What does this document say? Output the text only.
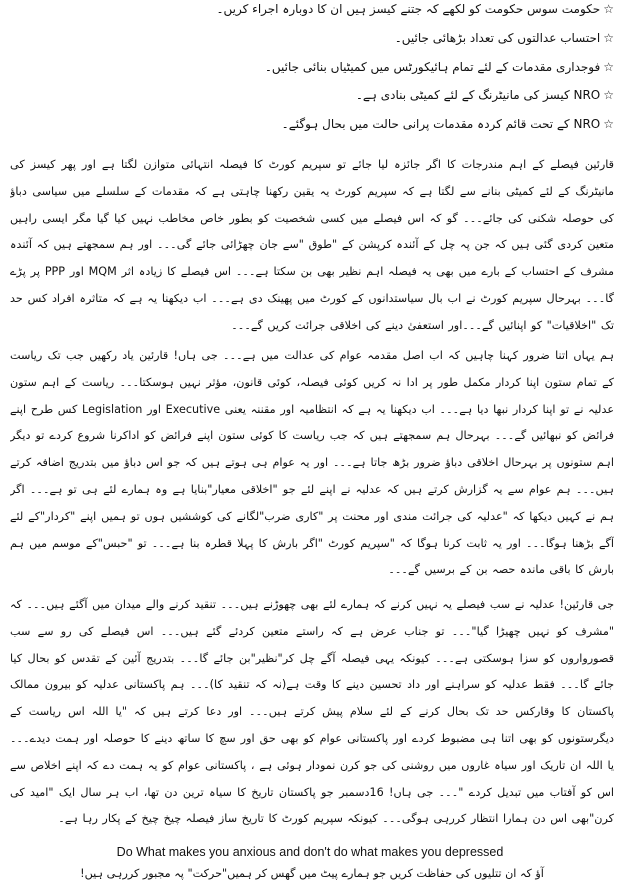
☆حکومت سوس حکومت کو لکھے کہ جتنے کیسز ہیں ان کا دوبارہ اجراء کریں۔
☆احتساب عدالتوں کی تعداد بڑھائی جائیں۔
☆فوجداری مقدمات کے لئے تمام ہائیکورٹس میں کمیٹیاں بنائی جائیں۔
☆NRO کیسز کی مانیٹرنگ کے لئے کمیٹی بنادی ہے۔
☆NRO کے تحت قائم کردہ مقدمات پرانی حالت میں بحال ہوگئے۔

قارئین فیصلے کے اہم مندرجات کا اگر جائزہ لیا جائے تو سپریم کورٹ کا فیصلہ انتہائی متوازن لگتا ہے اور پھر کیسز کی مانیٹرنگ کے لئے کمیٹی بنانے سے لگتا ہے کہ سپریم کورٹ یہ یقین رکھنا چاہتی ہے کہ مقدمات کے سلسلے میں سیاسی دباؤ کی حوصلہ شکنی کی جائے۔۔۔ گو کہ اس فیصلے میں کسی شخصیت کو بطور خاص مخاطب نہیں کیا گیا مگر ایسی راہیں متعین کردی گئی ہیں کہ جن پہ چل کے آئندہ کرپشن کے "طوق "سے جان چھڑائی جائے گی۔۔۔ اور ہم سمجھتے ہیں کہ آئندہ مشرف کے احتساب کے بارے میں بھی یہ فیصلہ اہم نظیر بھی بن سکتا ہے۔۔۔ اس فیصلے کا زیادہ اثر MQM اور PPP پر پڑے گا۔۔۔ بہرحال سپریم کورٹ نے اب بال سیاستدانوں کے کورٹ میں پھینک دی ہے۔۔۔ اب دیکھنا یہ ہے کہ متاثرہ افراد کس حد تک "اخلاقیات" کو اپنائیں گے۔۔۔اور استعفیٰ دینے کی اخلاقی جرائت کریں گے۔۔۔

ہم یہاں اتنا ضرور کہنا چاہیں کہ اب اصل مقدمہ عوام کی عدالت میں ہے۔۔۔ جی ہاں! قارئین یاد رکھیں جب تک ریاست کے تمام ستون اپنا کردار مکمل طور پر ادا نہ کریں کوئی فیصلہ، کوئی قانون، مؤثر نہیں ہوسکتا۔۔۔ ریاست کے اہم ستون عدلیہ نے تو اپنا کردار نبھا دیا ہے۔۔۔ اب دیکھنا یہ ہے کہ انتظامیہ اور مقننہ یعنی Executive اور Legislation کس طرح اپنے فرائض کو نبھائیں گے۔۔۔ بہرحال ہم سمجھتے ہیں کہ جب ریاست کا کوئی ستون اپنے فرائض کو اداکرنا شروع کردے تو دیگر اہم ستونوں پر بہرحال اخلاقی دباؤ ضرور بڑھ جاتا ہے۔۔۔ اور یہ عوام ہی ہوتے ہیں کہ جو اس دباؤ میں بتدریج اضافہ کرتے ہیں۔۔۔ ہم عوام سے یہ گزارش کرتے ہیں کہ عدلیہ نے اپنے لئے جو "اخلاقی معیار"بنایا ہے وہ ہمارے لئے ہی تو ہے۔۔۔ اگر ہم نے کہیں دیکھا کہ "عدلیہ کی جرائت مندی اور محنت پر "کاری ضرب"لگانے کی کوششیں ہوں تو ہمیں اپنے "کردار"کے لئے آگے بڑھنا ہوگا۔۔۔ اور یہ ثابت کرنا ہوگا کہ "سپریم کورٹ "اگر بارش کا پہلا قطرہ بنا ہے۔۔۔ تو "حبس"کے موسم میں ہم بارش کا باقی ماندہ حصہ بن کے برسیں گے۔۔۔

جی قارئین! عدلیہ نے سب فیصلے یہ نہیں کرنے کہ ہمارے لئے بھی چھوڑنے ہیں۔۔۔ تنقید کرنے والے میدان میں آگئے ہیں۔۔۔ کہ "مشرف کو نہیں چھیڑا گیا"۔۔۔ تو جناب عرض ہے کہ راستے متعین کردئے گئے ہیں۔۔۔ اس فیصلے کی رو سے سب قصورواروں کو سزا ہوسکتی ہے۔۔۔ کیونکہ یہی فیصلہ آگے چل کر"نظیر"بن جائے گا۔۔۔ بتدریج آئین کے تقدس کو بحال کیا جائے گا۔۔۔ فقط عدلیہ کو سراہنے اور داد تحسین دینے کا وقت ہے(نہ کہ تنقید کا)۔۔۔ ہم پاکستانی عدلیہ کو بیرون ممالک پاکستان کا وقارکس حد تک بحال کرنے کے لئے سلام پیش کرتے ہیں۔۔۔ اور دعا کرتے ہیں کہ "یا اللہ اس ریاست کے دیگرستونوں کو بھی اتنا ہی مضبوط کردے اور پاکستانی عوام کو بھی حق اور سچ کا ساتھ دینے کا حوصلہ اور ہمت دیدے۔۔۔ یا اللہ ان تاریک اور سیاہ غاروں میں روشنی کی جو کرن نمودار ہوئی ہے ، پاکستانی عوام کو یہ ہمت دے کہ اپنے اخلاص سے اس کو آفتاب میں تبدیل کردے "۔۔۔ جی ہاں! 16دسمبر جو پاکستان تاریخ کا سیاہ ترین دن تھا، اب ہر سال ایک "امید کی کرن"بھی اس دن ہمارا انتظار کررہی ہوگی۔۔۔ کیونکہ سپریم کورٹ کا تاریخ ساز فیصلہ چیخ چیخ کے پکار رہا ہے۔

Do What makes you anxious and don't do what makes you depressed

آؤ کہ ان تتلیوں کی حفاظت کریں جو ہمارے پیٹ میں گھس کر ہمیں"حرکت" پہ مجبور کررہی ہیں!
